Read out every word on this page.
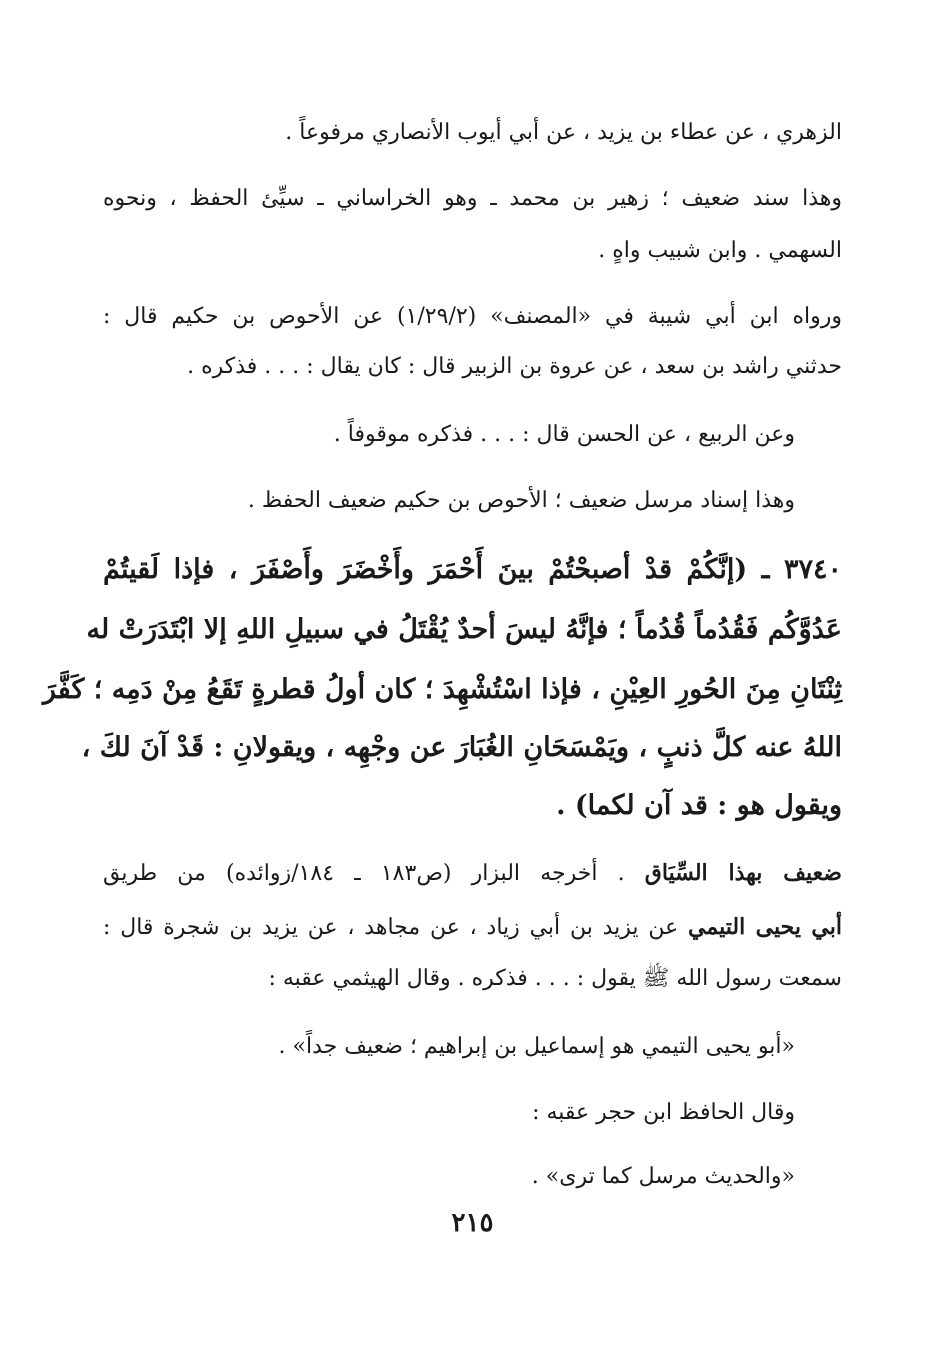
الزهري ، عن عطاء بن يزيد ، عن أبي أيوب الأنصاري مرفوعاً .
وهذا سند ضعيف ؛ زهير بن محمد ـ وهو الخراساني ـ سيِّئ الحفظ ، ونحوه
السهمي . وابن شبيب واهٍ .
ورواه ابن أبي شيبة في «المصنف» (١/٢٩/٢) عن الأحوص بن حكيم قال :
حدثني راشد بن سعد ، عن عروة بن الزبير قال : كان يقال : . . . فذكره .
وعن الربيع ، عن الحسن قال : . . . فذكره موقوفاً .
وهذا إسناد مرسل ضعيف ؛ الأحوص بن حكيم ضعيف الحفظ .
٣٧٤٠ ـ (إنَّكُمْ قدْ أصبحْتُمْ بينَ أَحْمَرَ وأَخْضَرَ وأَصْفَرَ ، فإذا لَقيتُمْ
عَدُوَّكُم فَقُدُماً قُدُماً ؛ فإنَّهُ ليسَ أحدٌ يُقْتَلُ في سبيلِ اللهِ إلا ابْتَدَرَتْ له
ثِنْتَانِ مِنَ الحُورِ العِيْنِ ، فإذا اسْتُشْهِدَ ؛ كان أولُ قطرةٍ تَقَعُ مِنْ دَمِه ؛ كَفَّرَ
اللهُ عنه كلَّ ذنبٍ ، ويَمْسَحَانِ الغُبَارَ عن وجْهِه ، ويقولانِ : قَدْ آنَ لكَ ،
ويقول هو : قد آن لكما) .
ضعيف بهذا السِّيَاق . أخرجه البزار (ص١٨٣ ـ ١٨٤/زوائده) من طريق
أبي يحيى التيمي عن يزيد بن أبي زياد ، عن مجاهد ، عن يزيد بن شجرة قال :
سمعت رسول الله ﷺ يقول : . . . فذكره . وقال الهيثمي عقبه :
«أبو يحيى التيمي هو إسماعيل بن إبراهيم ؛ ضعيف جداً» .
وقال الحافظ ابن حجر عقبه :
«والحديث مرسل كما ترى» .
٢١٥
